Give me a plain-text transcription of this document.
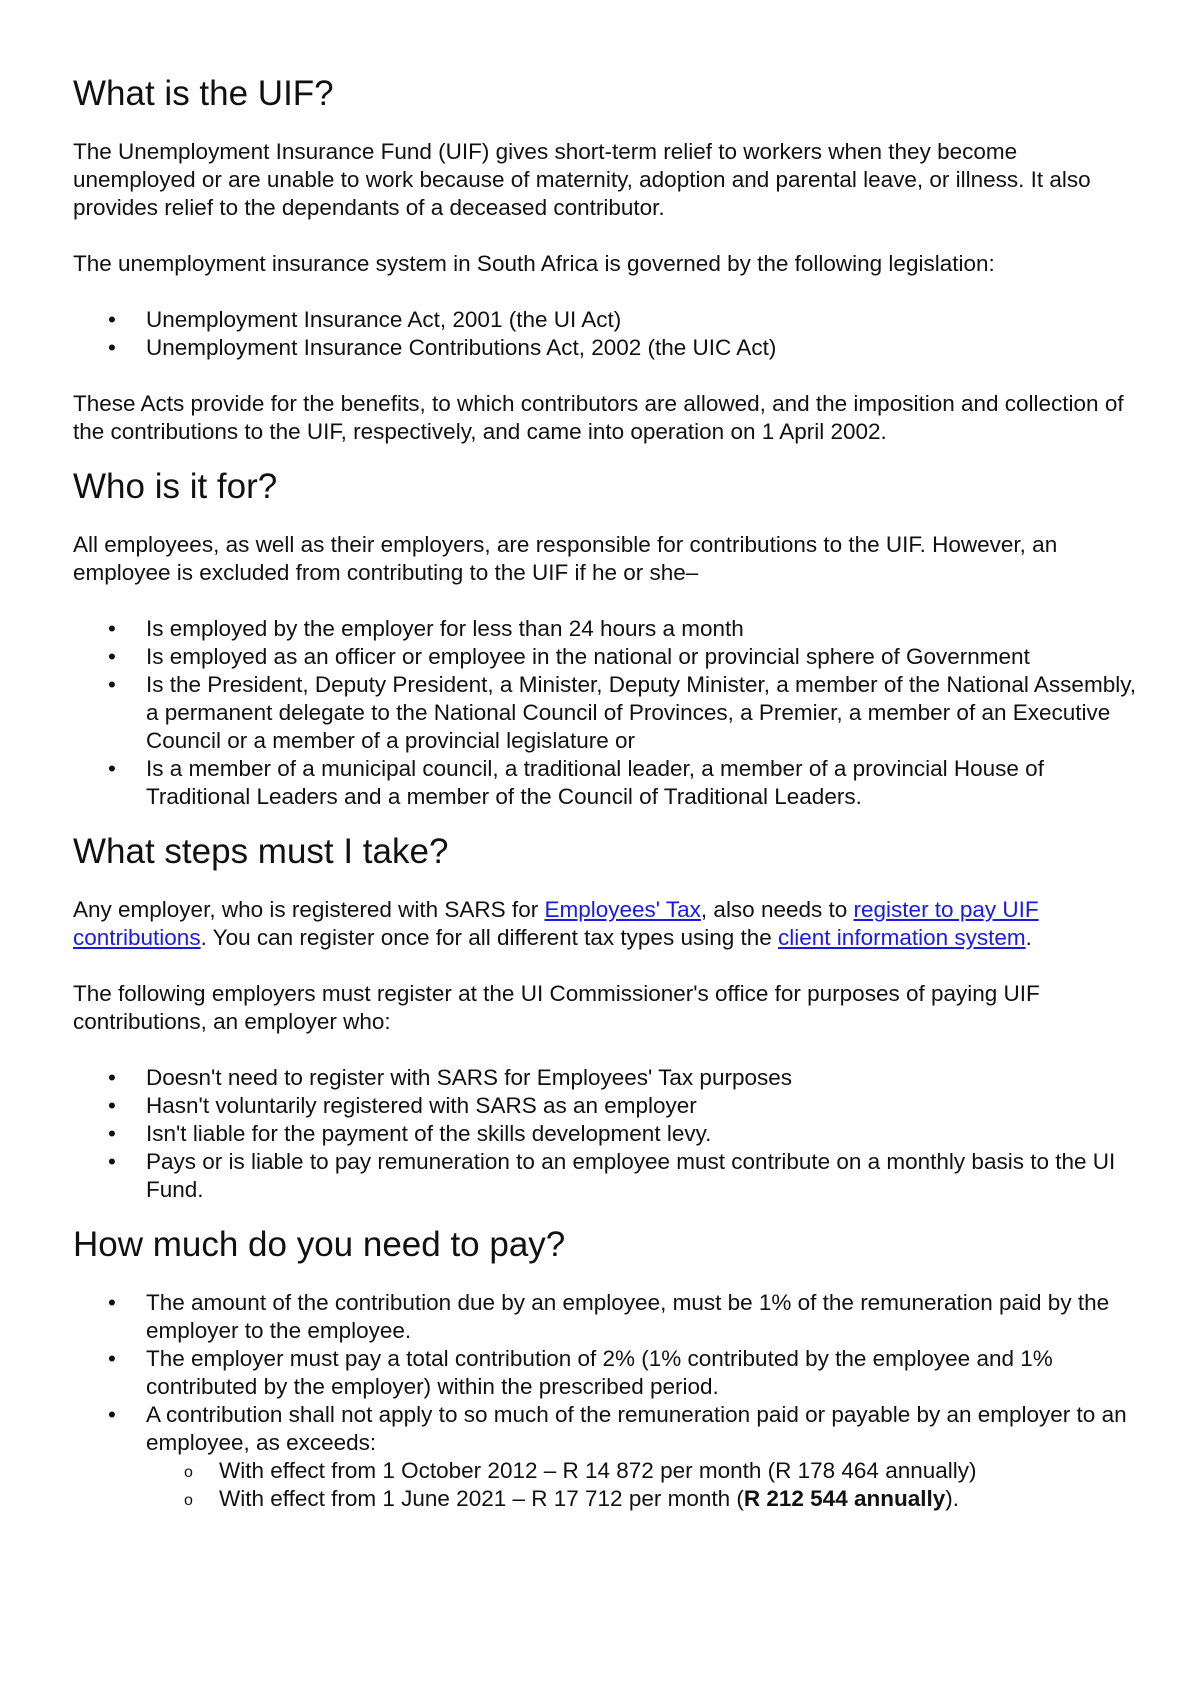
What is the UIF?

The Unemployment Insurance Fund (UIF) gives short-term relief to workers when they become unemployed or are unable to work because of maternity, adoption and parental leave, or illness. It also provides relief to the dependants of a deceased contributor.

The unemployment insurance system in South Africa is governed by the following legislation:

• Unemployment Insurance Act, 2001 (the UI Act)
• Unemployment Insurance Contributions Act, 2002 (the UIC Act)

These Acts provide for the benefits, to which contributors are allowed, and the imposition and collection of the contributions to the UIF, respectively, and came into operation on 1 April 2002.

Who is it for?

All employees, as well as their employers, are responsible for contributions to the UIF. However, an employee is excluded from contributing to the UIF if he or she–

• Is employed by the employer for less than 24 hours a month
• Is employed as an officer or employee in the national or provincial sphere of Government
• Is the President, Deputy President, a Minister, Deputy Minister, a member of the National Assembly, a permanent delegate to the National Council of Provinces, a Premier, a member of an Executive Council or a member of a provincial legislature or
• Is a member of a municipal council, a traditional leader, a member of a provincial House of Traditional Leaders and a member of the Council of Traditional Leaders.
What steps must I take?

Any employer, who is registered with SARS for Employees' Tax, also needs to register to pay UIF contributions. You can register once for all different tax types using the client information system.

The following employers must register at the UI Commissioner's office for purposes of paying UIF contributions, an employer who:

• Doesn't need to register with SARS for Employees' Tax purposes
• Hasn't voluntarily registered with SARS as an employer
• Isn't liable for the payment of the skills development levy.
• Pays or is liable to pay remuneration to an employee must contribute on a monthly basis to the UI Fund.
How much do you need to pay?
• The amount of the contribution due by an employee, must be 1% of the remuneration paid by the employer to the employee.
• The employer must pay a total contribution of 2% (1% contributed by the employee and 1% contributed by the employer) within the prescribed period.
• A contribution shall not apply to so much of the remuneration paid or payable by an employer to an employee, as exceeds:
o With effect from 1 October 2012 – R 14 872 per month (R 178 464 annually)
o With effect from 1 June 2021 – R 17 712 per month (R 212 544 annually).
